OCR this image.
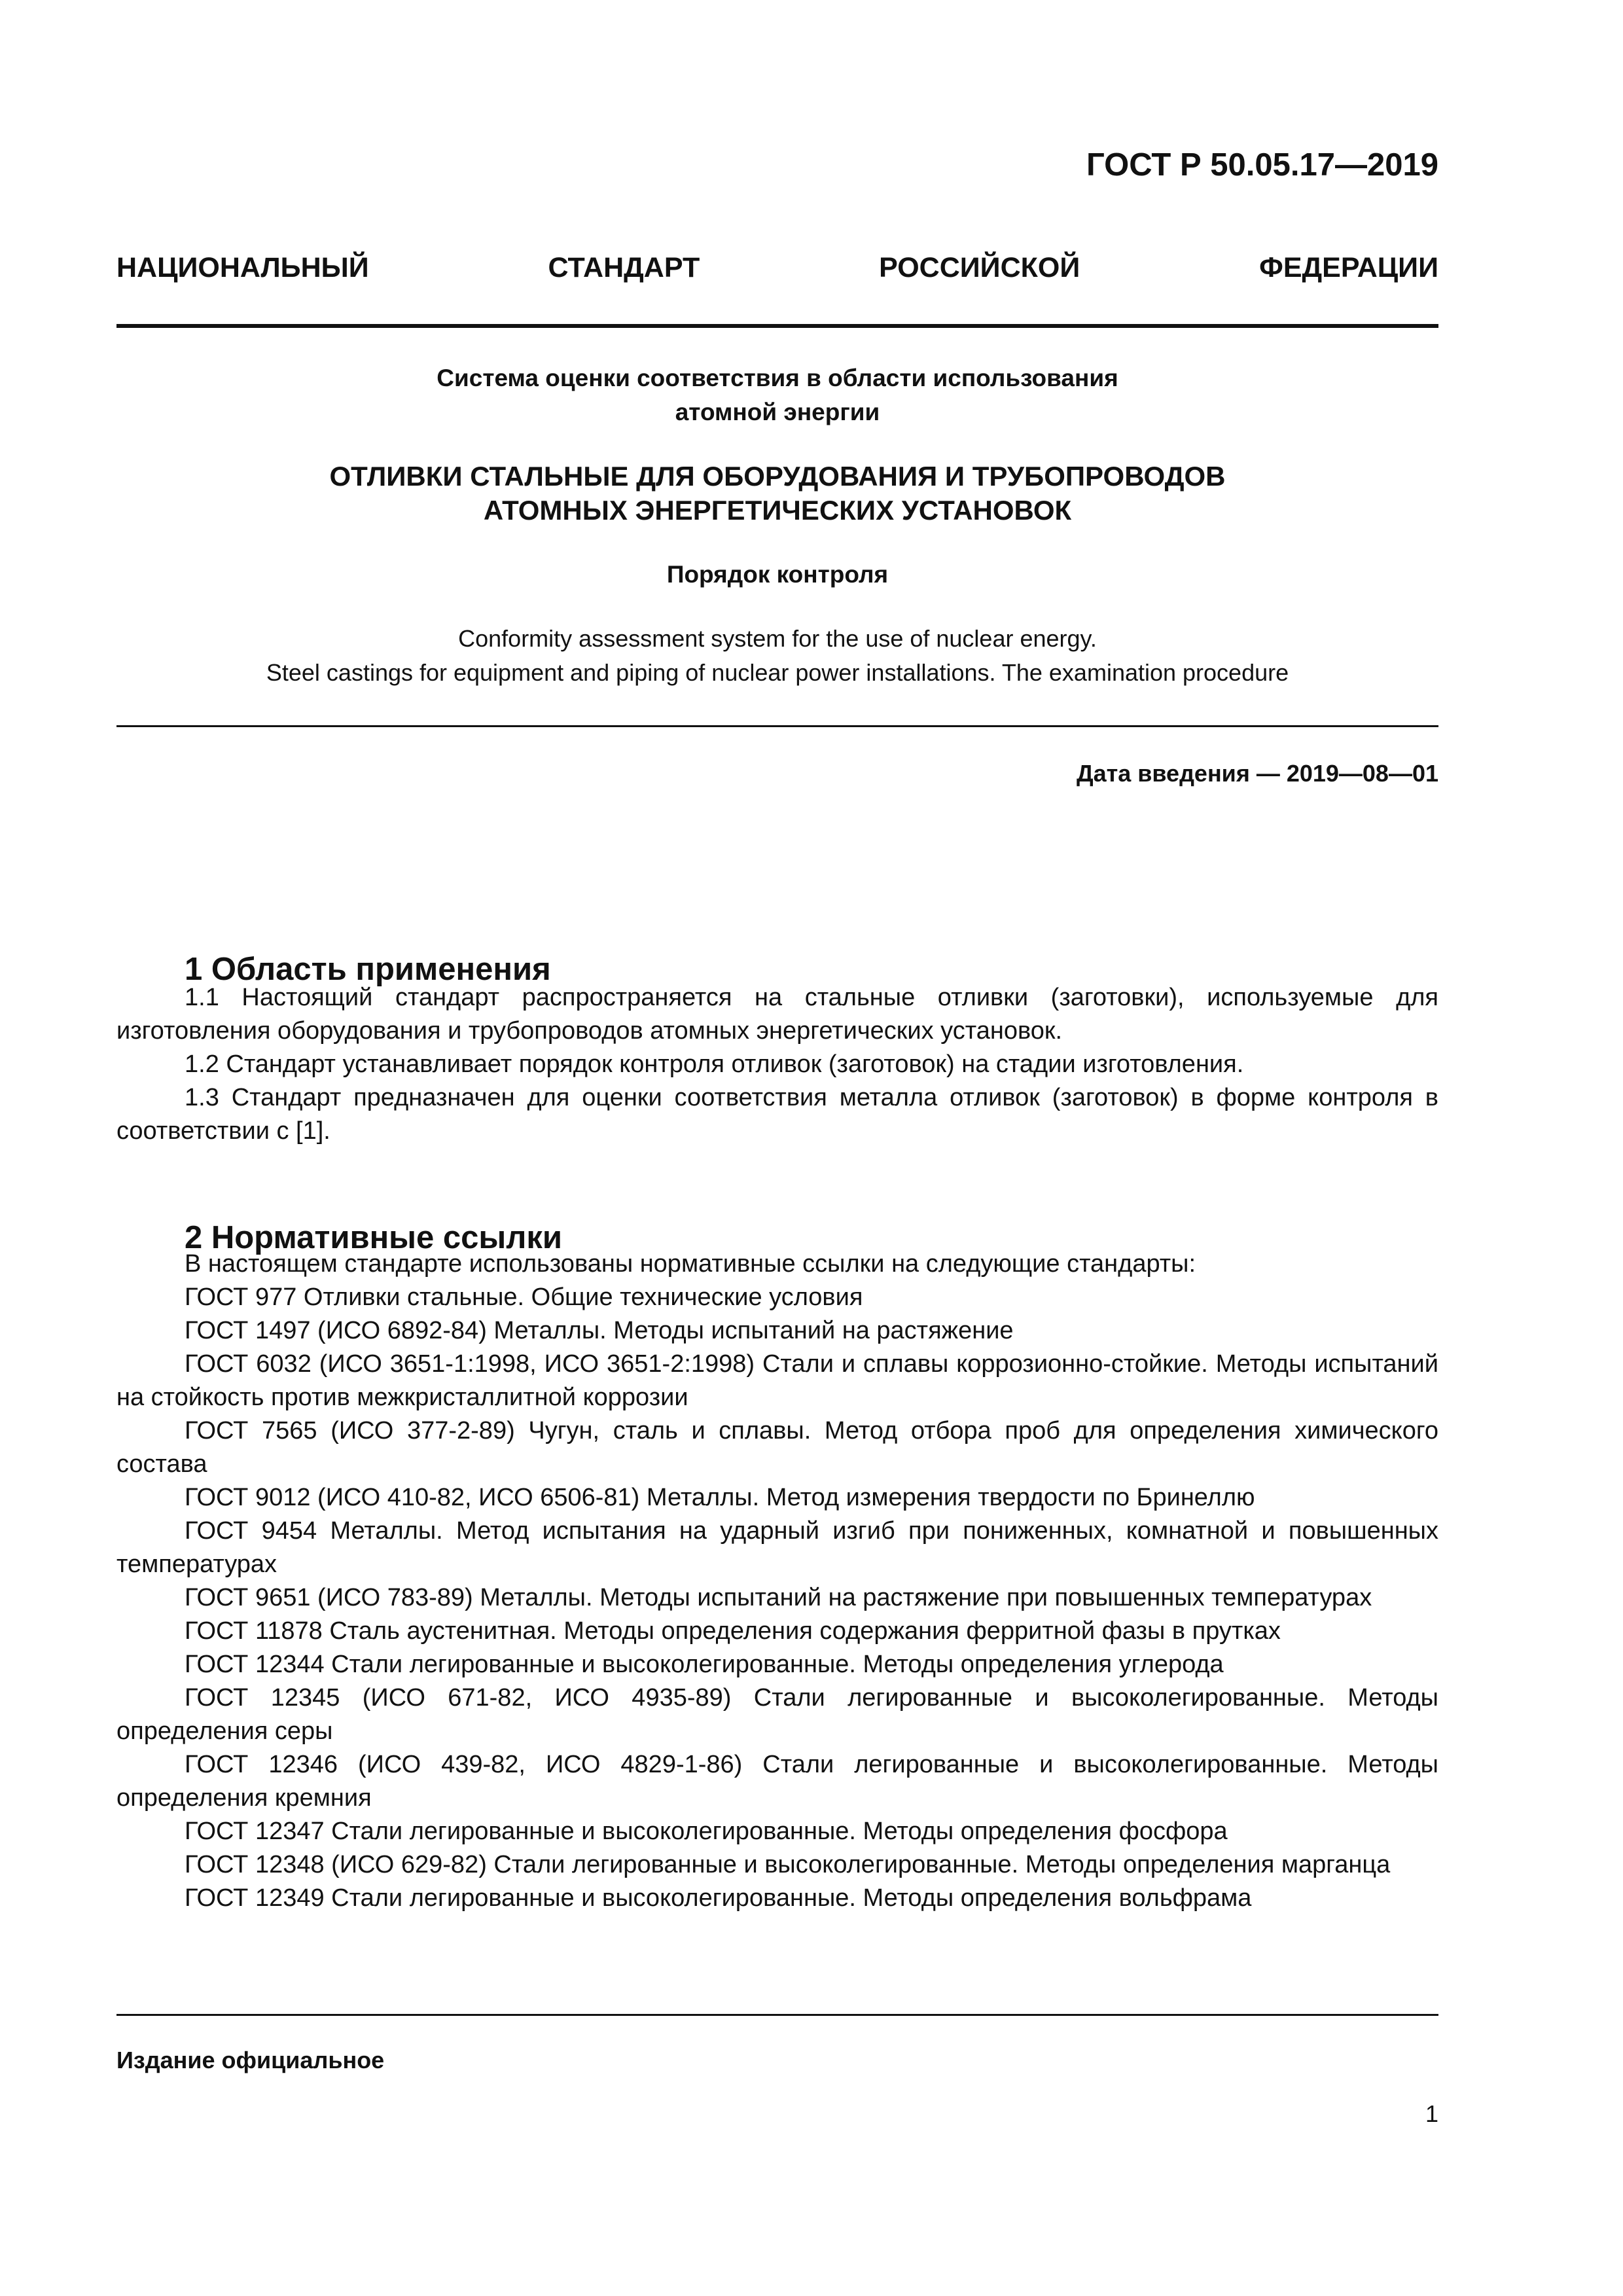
ГОСТ Р 50.05.17—2019
НАЦИОНАЛЬНЫЙ	СТАНДАРТ	РОССИЙСКОЙ	ФЕДЕРАЦИИ
Система оценки соответствия в области использования
атомной энергии
ОТЛИВКИ СТАЛЬНЫЕ ДЛЯ ОБОРУДОВАНИЯ И ТРУБОПРОВОДОВ
АТОМНЫХ ЭНЕРГЕТИЧЕСКИХ УСТАНОВОК
Порядок контроля
Conformity assessment system for the use of nuclear energy.
Steel castings for equipment and piping of nuclear power installations. The examination procedure
Дата введения — 2019—08—01
1 Область применения

1.1 Настоящий стандарт распространяется на стальные отливки (заготовки), используемые для изготовления оборудования и трубопроводов атомных энергетических установок.

1.2 Стандарт устанавливает порядок контроля отливок (заготовок) на стадии изготовления.

1.3 Стандарт предназначен для оценки соответствия металла отливок (заготовок) в форме контроля в соответствии с [1].

2 Нормативные ссылки

В настоящем стандарте использованы нормативные ссылки на следующие стандарты:

ГОСТ 977 Отливки стальные. Общие технические условия

ГОСТ 1497 (ИСО 6892-84) Металлы. Методы испытаний на растяжение

ГОСТ 6032 (ИСО 3651-1:1998, ИСО 3651-2:1998) Стали и сплавы коррозионно-стойкие. Методы испытаний на стойкость против межкристаллитной коррозии

ГОСТ 7565 (ИСО 377-2-89) Чугун, сталь и сплавы. Метод отбора проб для определения химического состава

ГОСТ 9012 (ИСО 410-82, ИСО 6506-81) Металлы. Метод измерения твердости по Бринеллю

ГОСТ 9454 Металлы. Метод испытания на ударный изгиб при пониженных, комнатной и повышенных температурах

ГОСТ 9651 (ИСО 783-89) Металлы. Методы испытаний на растяжение при повышенных температурах

ГОСТ 11878 Сталь аустенитная. Методы определения содержания ферритной фазы в прутках

ГОСТ 12344 Стали легированные и высоколегированные. Методы определения углерода

ГОСТ 12345 (ИСО 671-82, ИСО 4935-89) Стали легированные и высоколегированные. Методы определения серы

ГОСТ 12346 (ИСО 439-82, ИСО 4829-1-86) Стали легированные и высоколегированные. Методы определения кремния

ГОСТ 12347 Стали легированные и высоколегированные. Методы определения фосфора

ГОСТ 12348 (ИСО 629-82) Стали легированные и высоколегированные. Методы определения марганца

ГОСТ 12349 Стали легированные и высоколегированные. Методы определения вольфрама

Издание официальное
1
